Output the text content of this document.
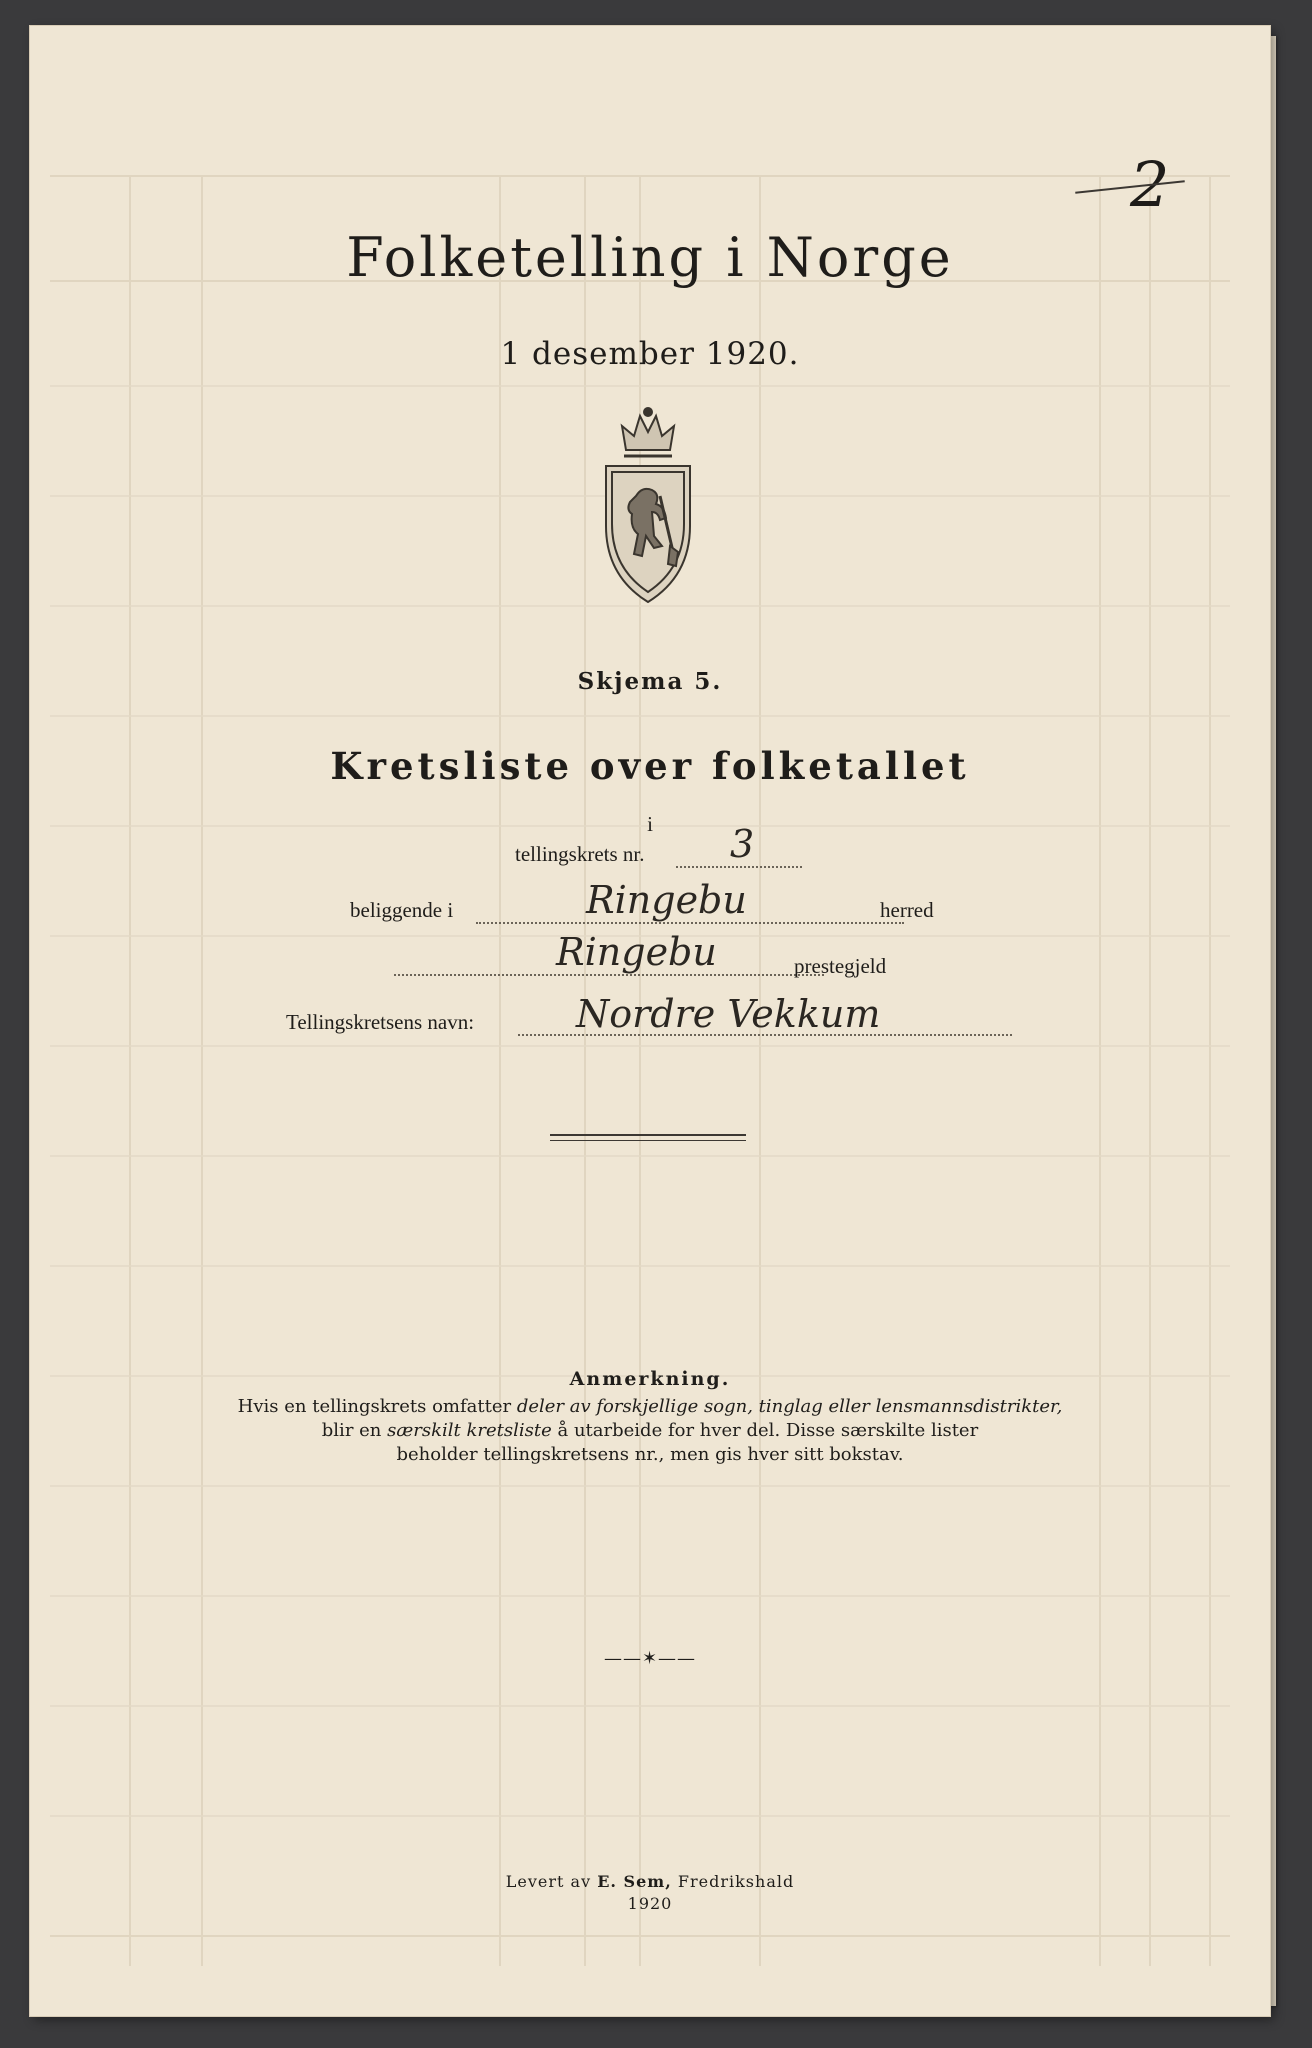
2
Folketelling i Norge
1 desember 1920.
Skjema 5.
Kretsliste over folketallet
i
tellingskrets nr. 3
beliggende i	Ringebu	herred
Ringebu	prestegjeld
Tellingskretsens navn:	Nordre Vekkum
Anmerkning.
Hvis en tellingskrets omfatter deler av forskjellige sogn, tinglag eller lensmannsdistrikter,
blir en særskilt kretsliste å utarbeide for hver del. Disse særskilte lister
beholder tellingskretsens nr., men gis hver sitt bokstav.
——✶——
Levert av E. Sem, Fredrikshald
1920
